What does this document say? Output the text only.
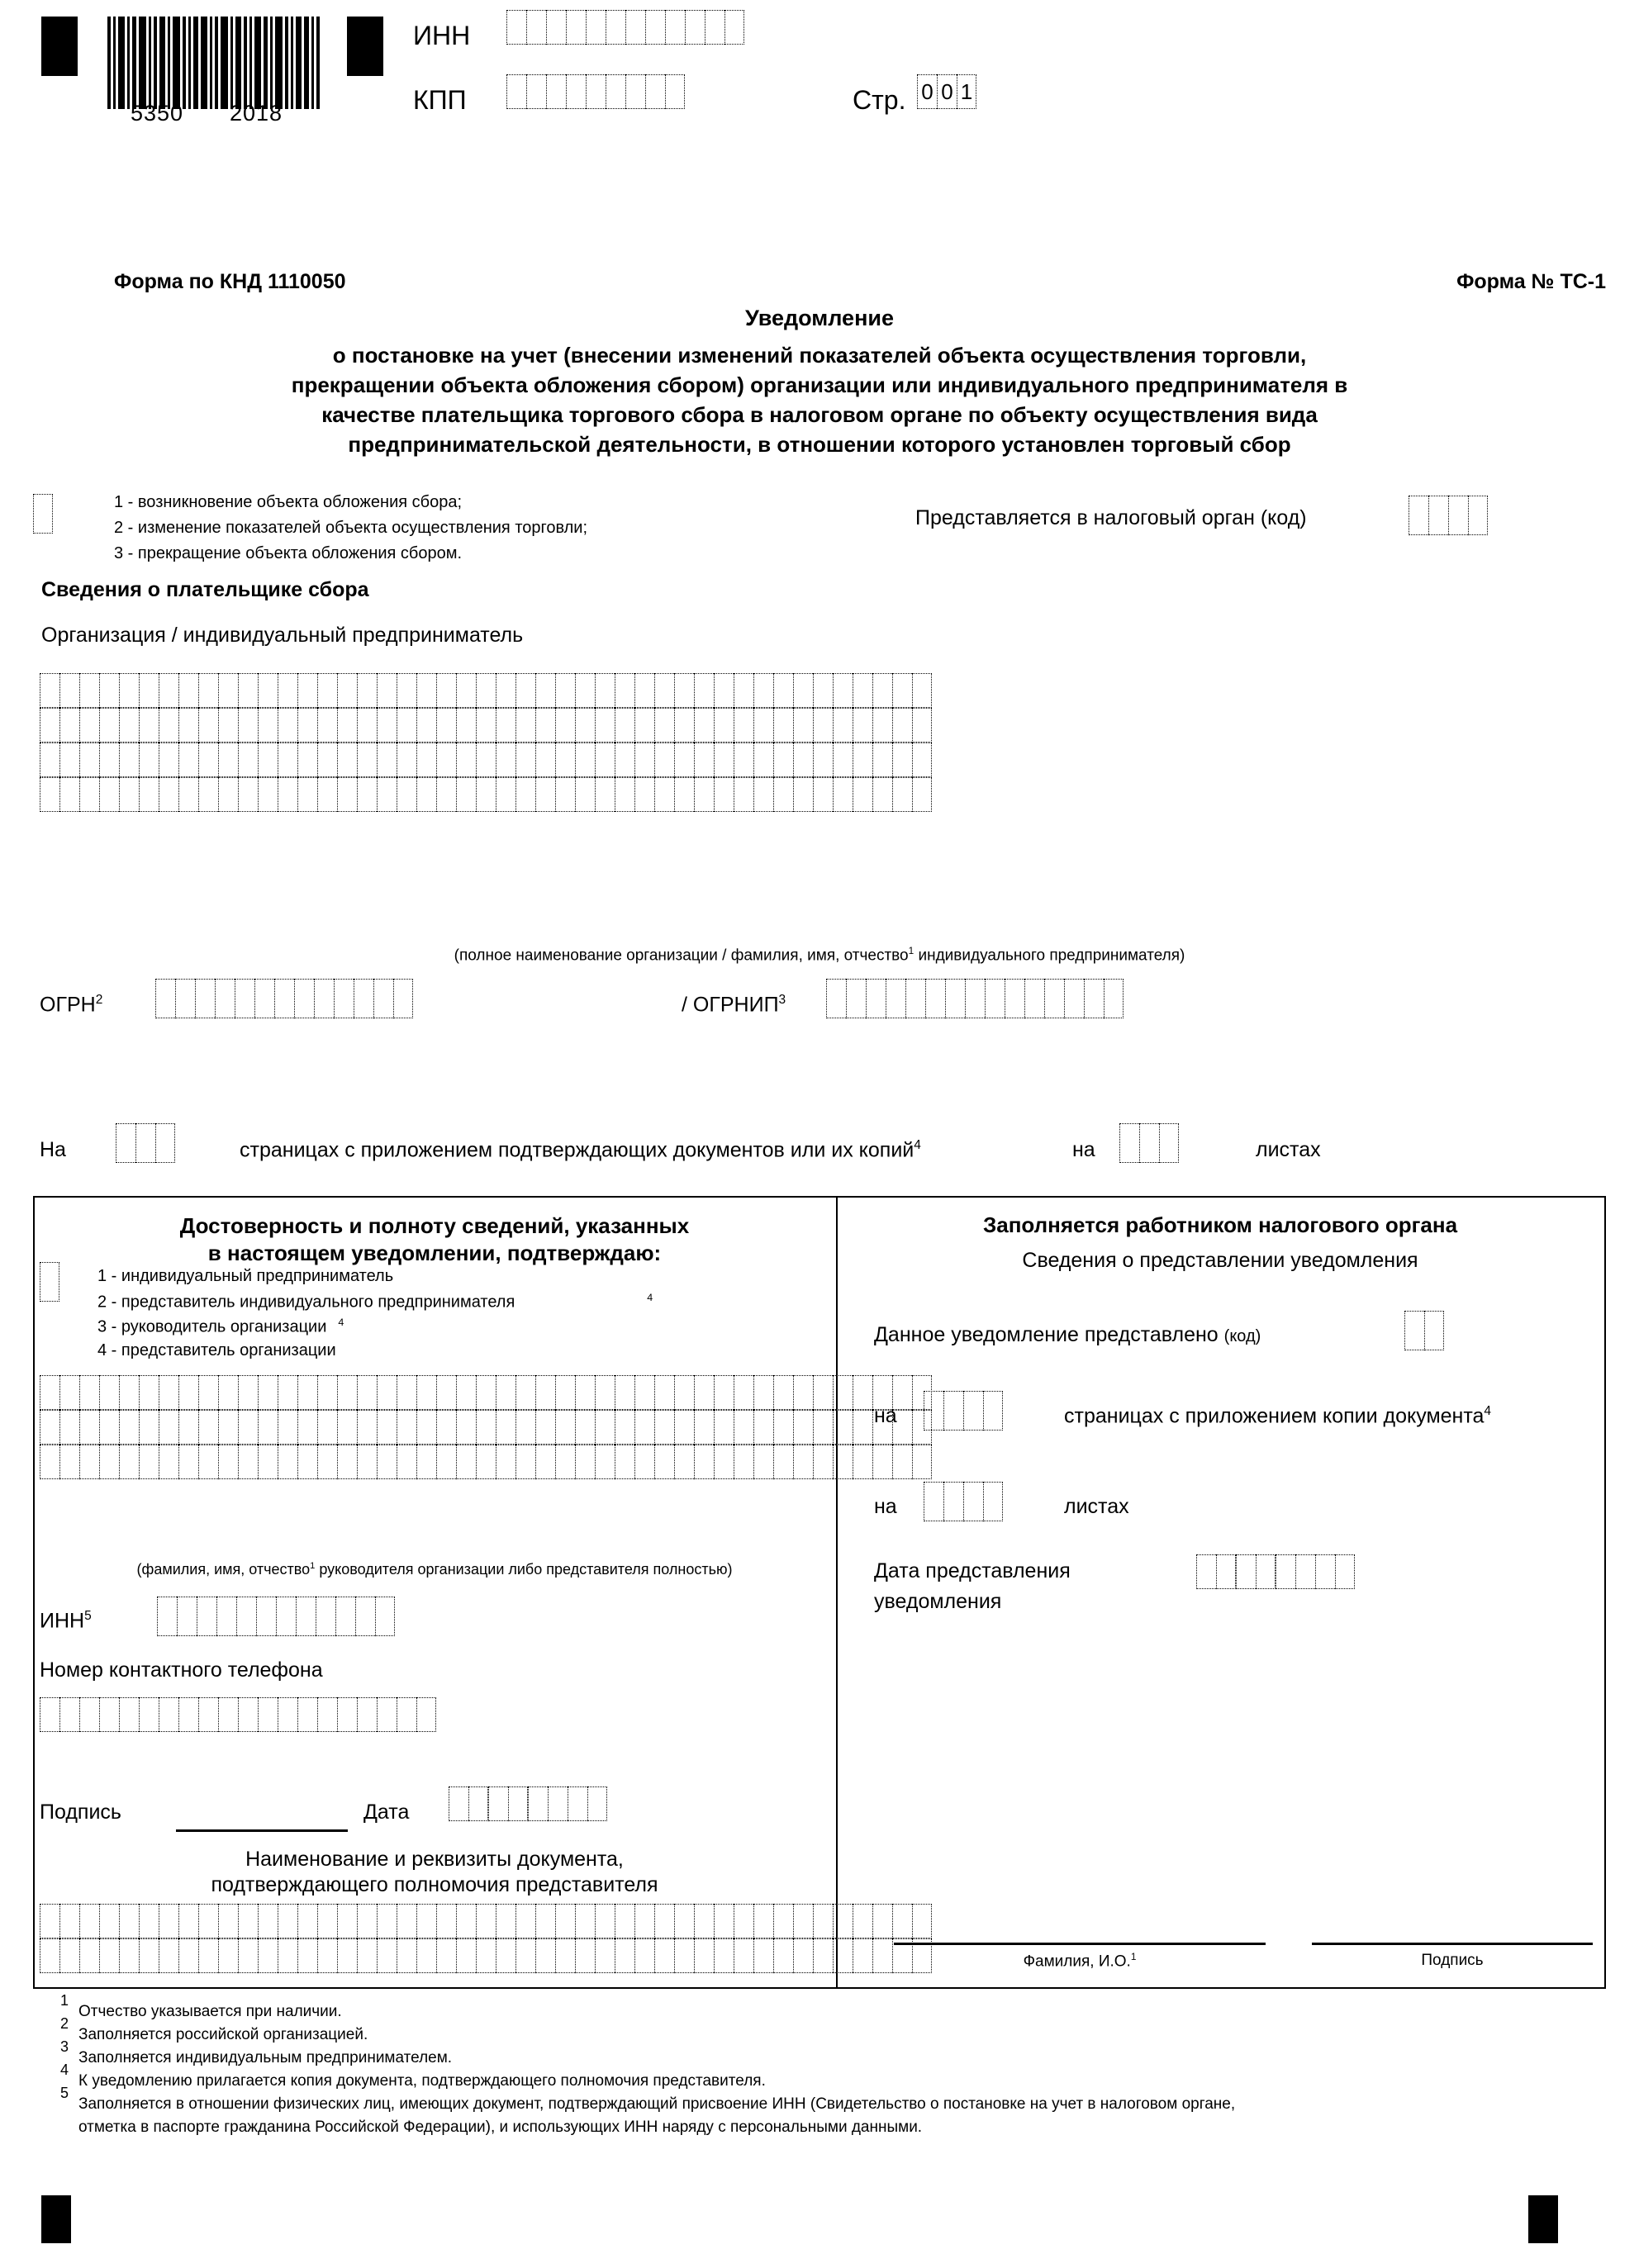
5350 2018
ИНН
КПП	Стр. 0 0 1
Форма по КНД 1110050	Форма № ТС-1
Уведомление
о постановке на учет (внесении изменений показателей объекта осуществления торговли,
прекращении объекта обложения сбором) организации или индивидуального предпринимателя в
качестве плательщика торгового сбора в налоговом органе по объекту осуществления вида
предпринимательской деятельности, в отношении которого установлен торговый сбор
1 - возникновение объекта обложения сбора;
2 - изменение показателей объекта осуществления торговли;
3 - прекращение объекта обложения сбором.
Представляется в налоговый орган (код)
Сведения о плательщике сбора
Организация / индивидуальный предприниматель
(полное наименование организации / фамилия, имя, отчество$^1$ индивидуального предпринимателя)
ОГРН$^2$	/ ОГРНИП$^3$
На	страницах с приложением подтверждающих документов или их копий$^4$	на	листах
Достоверность и полноту сведений, указанных
в настоящем уведомлении, подтверждаю:
1 - индивидуальный предприниматель
2 - представитель индивидуального предпринимателя	$^4$
3 - руководитель организации $^4$
4 - представитель организации
(фамилия, имя, отчество$^1$ руководителя организации либо представителя полностью)
ИНН$^5$
Номер контактного телефона
Подпись	Дата
Наименование и реквизиты документа,
подтверждающего полномочия представителя
Заполняется работником налогового органа
Сведения о представлении уведомления
Данное уведомление представлено (код)
на	страницах с приложением копии документа$^4$
на	листах
Дата представления
уведомления
Фамилия, И.О.$^1$	Подпись
1
Отчество указывается при наличии.
2
Заполняется российской организацией.
3
Заполняется индивидуальным предпринимателем.
4
К уведомлению прилагается копия документа, подтверждающего полномочия представителя.
5
Заполняется в отношении физических лиц, имеющих документ, подтверждающий присвоение ИНН (Свидетельство о постановке на учет в налоговом органе,
отметка в паспорте гражданина Российской Федерации), и использующих ИНН наряду с персональными данными.
